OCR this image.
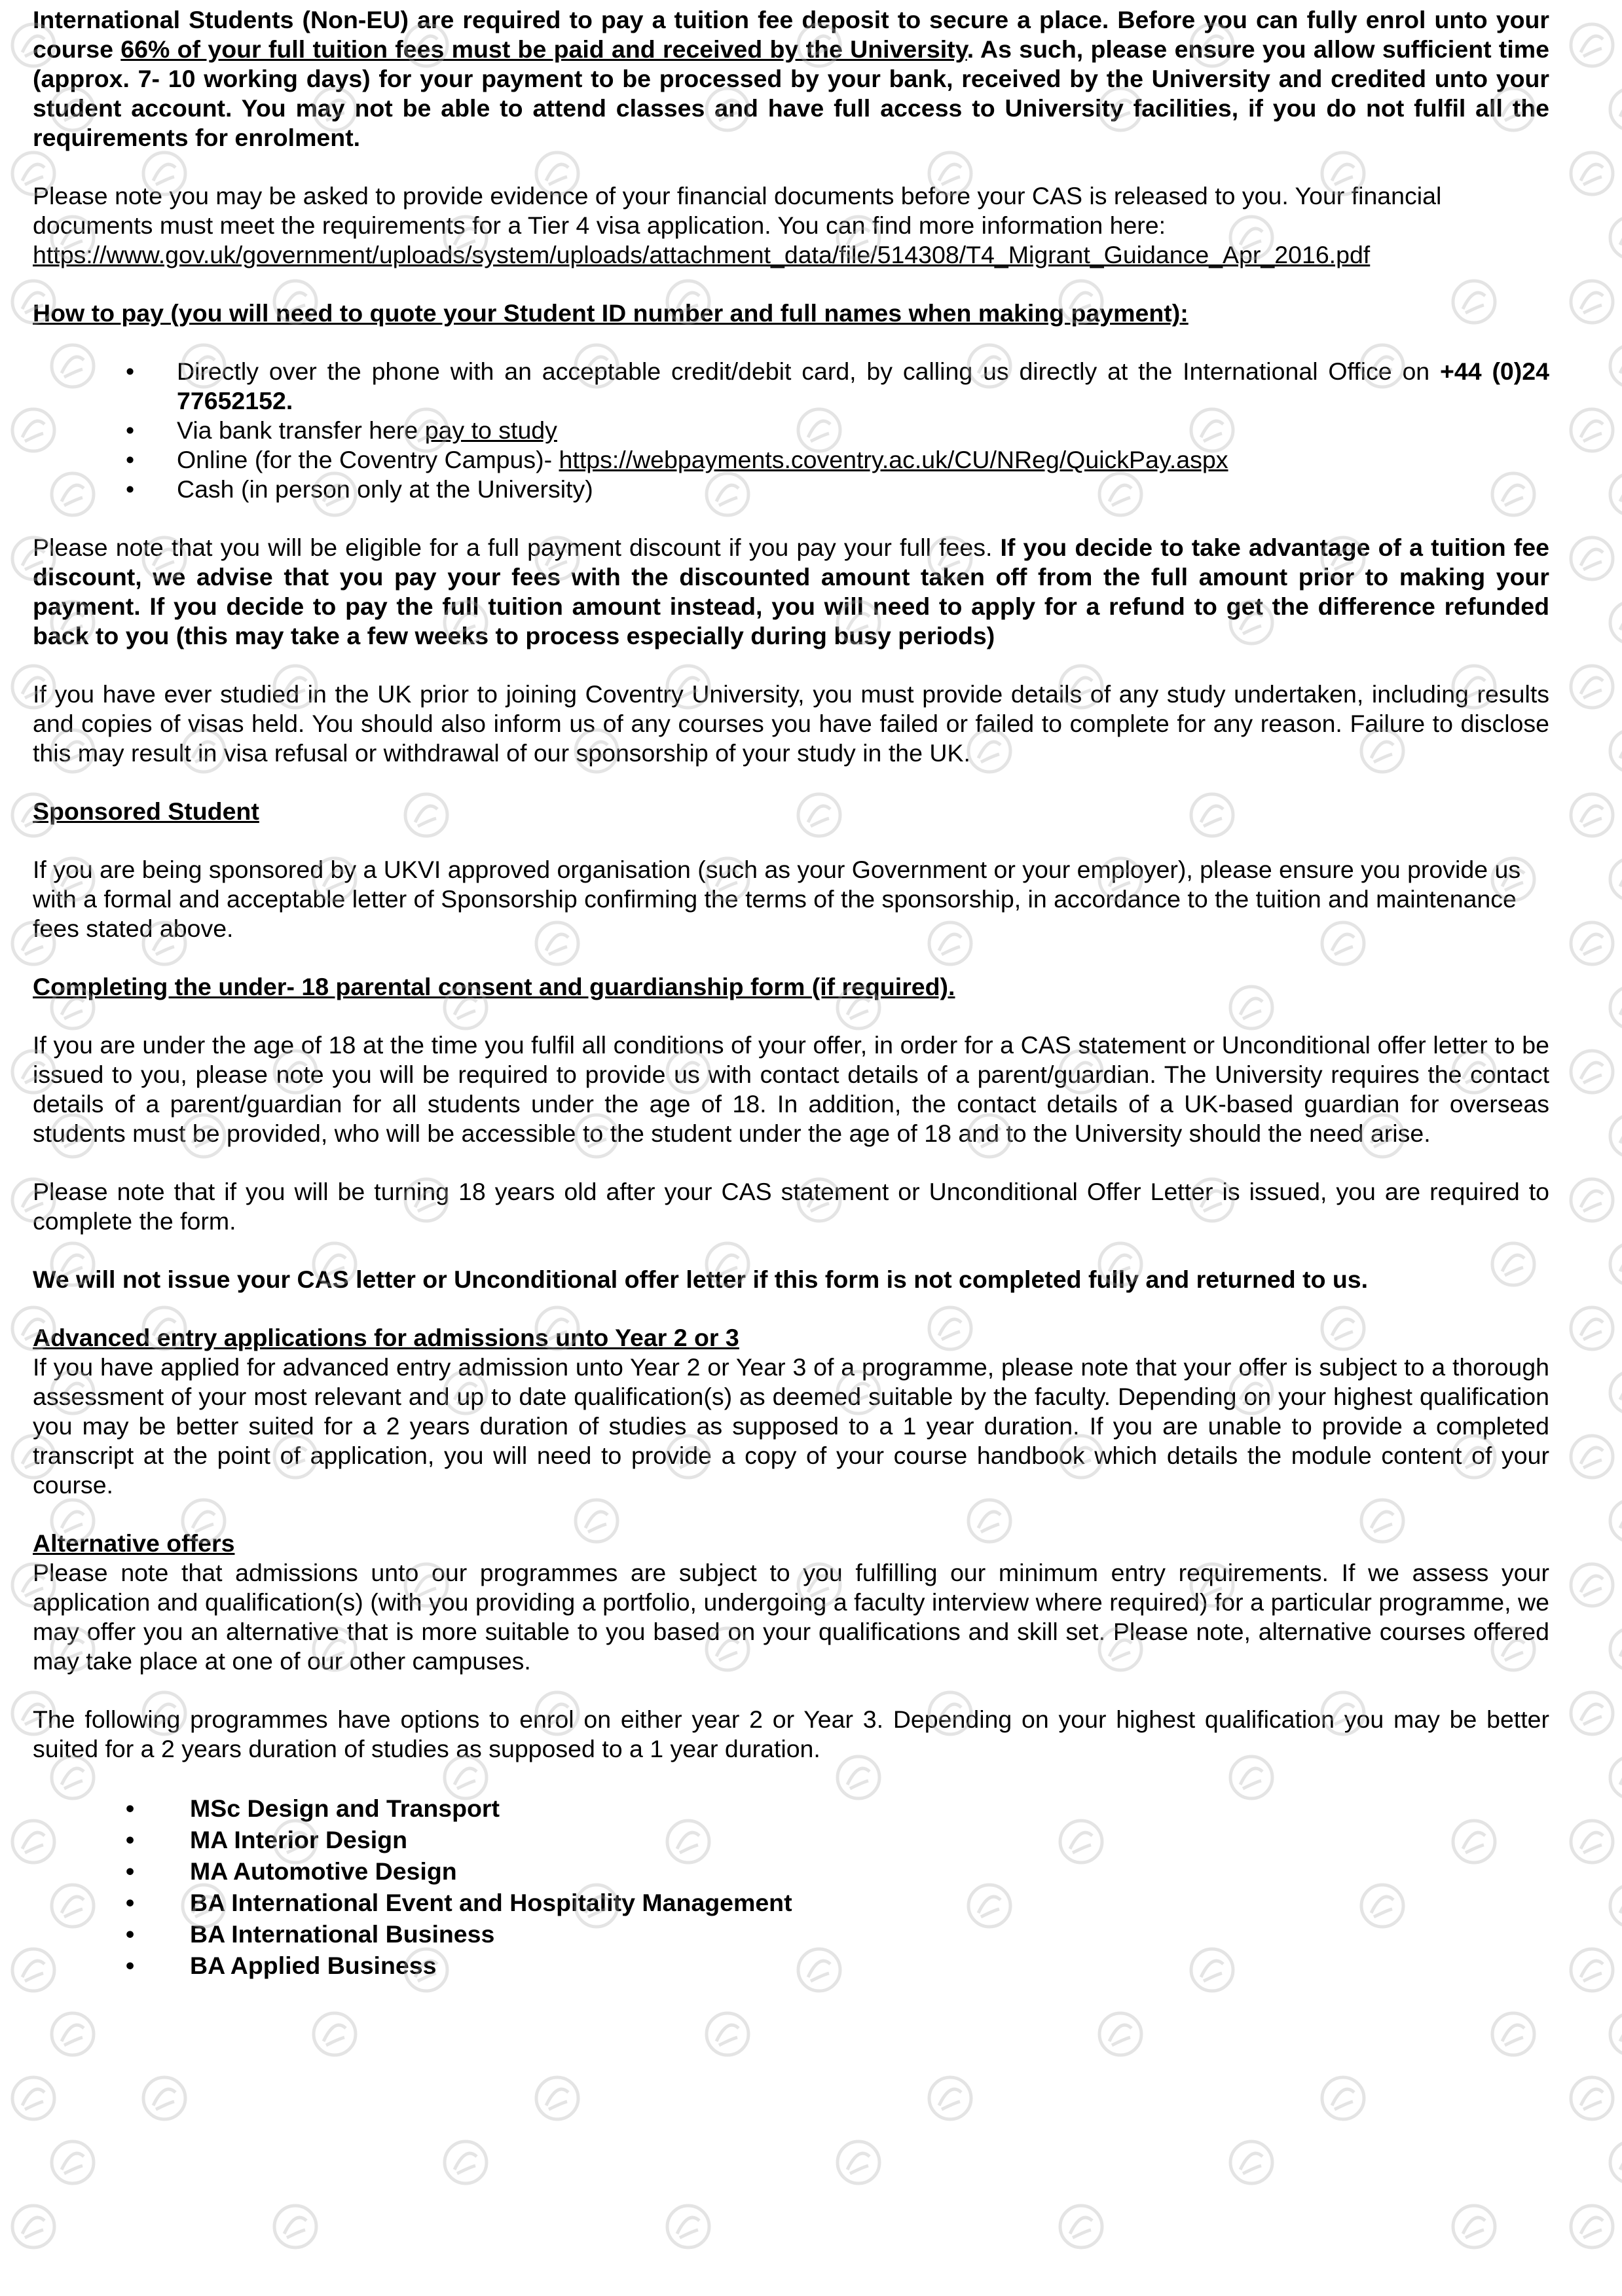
International Students (Non-EU) are required to pay a tuition fee deposit to secure a place. Before you can fully enrol unto your course 66% of your full tuition fees must be paid and received by the University. As such, please ensure you allow sufficient time (approx. 7- 10 working days) for your payment to be processed by your bank, received by the University and credited unto your student account. You may not be able to attend classes and have full access to University facilities, if you do not fulfil all the requirements for enrolment.

Please note you may be asked to provide evidence of your financial documents before your CAS is released to you. Your financial documents must meet the requirements for a Tier 4 visa application. You can find more information here:
https://www.gov.uk/government/uploads/system/uploads/attachment_data/file/514308/T4_Migrant_Guidance_Apr_2016.pdf

How to pay (you will need to quote your Student ID number and full names when making payment):
• Directly over the phone with an acceptable credit/debit card, by calling us directly at the International Office on +44 (0)24 77652152.
• Via bank transfer here pay to study
• Online (for the Coventry Campus)- https://webpayments.coventry.ac.uk/CU/NReg/QuickPay.aspx
• Cash (in person only at the University)

Please note that you will be eligible for a full payment discount if you pay your full fees. If you decide to take advantage of a tuition fee discount, we advise that you pay your fees with the discounted amount taken off from the full amount prior to making your payment. If you decide to pay the full tuition amount instead, you will need to apply for a refund to get the difference refunded back to you (this may take a few weeks to process especially during busy periods)

If you have ever studied in the UK prior to joining Coventry University, you must provide details of any study undertaken, including results and copies of visas held. You should also inform us of any courses you have failed or failed to complete for any reason. Failure to disclose this may result in visa refusal or withdrawal of our sponsorship of your study in the UK.

Sponsored Student

If you are being sponsored by a UKVI approved organisation (such as your Government or your employer), please ensure you provide us with a formal and acceptable letter of Sponsorship confirming the terms of the sponsorship, in accordance to the tuition and maintenance fees stated above.

Completing the under- 18 parental consent and guardianship form (if required).

If you are under the age of 18 at the time you fulfil all conditions of your offer, in order for a CAS statement or Unconditional offer letter to be issued to you, please note you will be required to provide us with contact details of a parent/guardian. The University requires the contact details of a parent/guardian for all students under the age of 18. In addition, the contact details of a UK-based guardian for overseas students must be provided, who will be accessible to the student under the age of 18 and to the University should the need arise.

Please note that if you will be turning 18 years old after your CAS statement or Unconditional Offer Letter is issued, you are required to complete the form.

We will not issue your CAS letter or Unconditional offer letter if this form is not completed fully and returned to us.

Advanced entry applications for admissions unto Year 2 or 3

If you have applied for advanced entry admission unto Year 2 or Year 3 of a programme, please note that your offer is subject to a thorough assessment of your most relevant and up to date qualification(s) as deemed suitable by the faculty. Depending on your highest qualification you may be better suited for a 2 years duration of studies as supposed to a 1 year duration. If you are unable to provide a completed transcript at the point of application, you will need to provide a copy of your course handbook which details the module content of your course.

Alternative offers

Please note that admissions unto our programmes are subject to you fulfilling our minimum entry requirements. If we assess your application and qualification(s) (with you providing a portfolio, undergoing a faculty interview where required) for a particular programme, we may offer you an alternative that is more suitable to you based on your qualifications and skill set. Please note, alternative courses offered may take place at one of our other campuses.

The following programmes have options to enrol on either year 2 or Year 3. Depending on your highest qualification you may be better suited for a 2 years duration of studies as supposed to a 1 year duration.

• MSc Design and Transport
• MA Interior Design
• MA Automotive Design
• BA International Event and Hospitality Management
• BA International Business
• BA Applied Business
